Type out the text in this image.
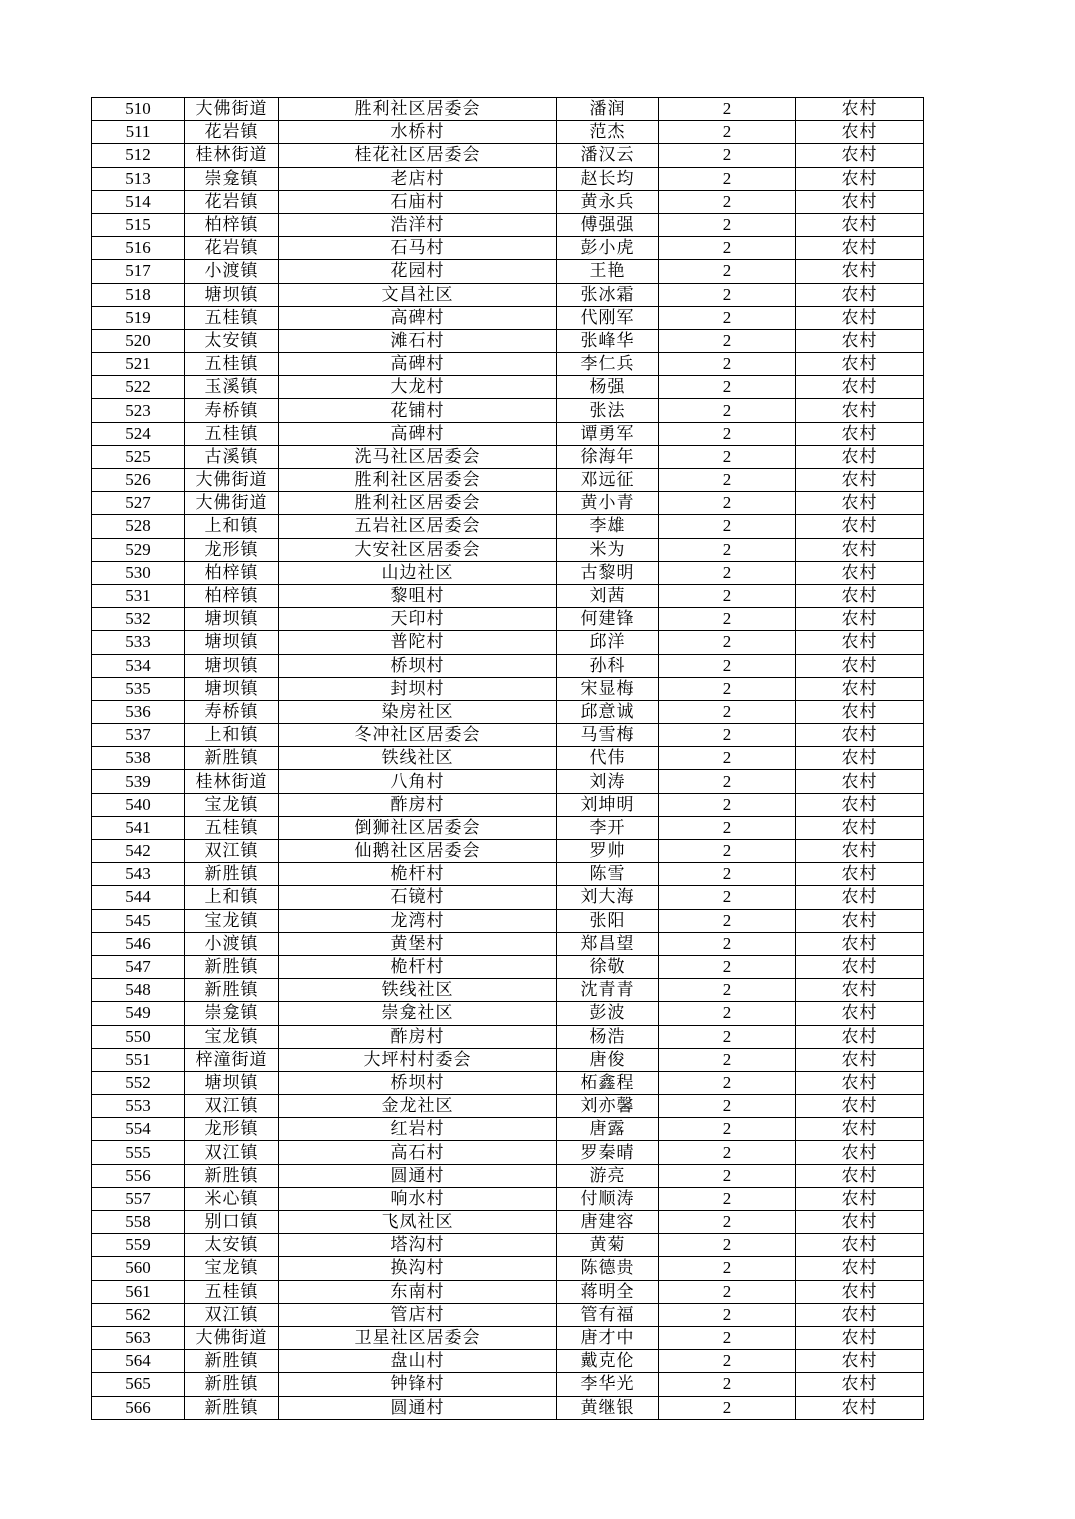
510	大佛街道	胜利社区居委会	潘润	2	农村
511	花岩镇	水桥村	范杰	2	农村
512	桂林街道	桂花社区居委会	潘汉云	2	农村
513	崇龛镇	老店村	赵长均	2	农村
514	花岩镇	石庙村	黄永兵	2	农村
515	柏梓镇	浩洋村	傅强强	2	农村
516	花岩镇	石马村	彭小虎	2	农村
517	小渡镇	花园村	王艳	2	农村
518	塘坝镇	文昌社区	张冰霜	2	农村
519	五桂镇	高碑村	代刚军	2	农村
520	太安镇	滩石村	张峰华	2	农村
521	五桂镇	高碑村	李仁兵	2	农村
522	玉溪镇	大龙村	杨强	2	农村
523	寿桥镇	花铺村	张法	2	农村
524	五桂镇	高碑村	谭勇军	2	农村
525	古溪镇	洗马社区居委会	徐海年	2	农村
526	大佛街道	胜利社区居委会	邓远征	2	农村
527	大佛街道	胜利社区居委会	黄小青	2	农村
528	上和镇	五岩社区居委会	李雄	2	农村
529	龙形镇	大安社区居委会	米为	2	农村
530	柏梓镇	山边社区	古黎明	2	农村
531	柏梓镇	黎咀村	刘茜	2	农村
532	塘坝镇	天印村	何建锋	2	农村
533	塘坝镇	普陀村	邱洋	2	农村
534	塘坝镇	桥坝村	孙科	2	农村
535	塘坝镇	封坝村	宋显梅	2	农村
536	寿桥镇	染房社区	邱意诚	2	农村
537	上和镇	冬冲社区居委会	马雪梅	2	农村
538	新胜镇	铁线社区	代伟	2	农村
539	桂林街道	八角村	刘涛	2	农村
540	宝龙镇	酢房村	刘坤明	2	农村
541	五桂镇	倒狮社区居委会	李开	2	农村
542	双江镇	仙鹅社区居委会	罗帅	2	农村
543	新胜镇	桅杆村	陈雪	2	农村
544	上和镇	石镜村	刘大海	2	农村
545	宝龙镇	龙湾村	张阳	2	农村
546	小渡镇	黄堡村	郑昌望	2	农村
547	新胜镇	桅杆村	徐敬	2	农村
548	新胜镇	铁线社区	沈青青	2	农村
549	崇龛镇	崇龛社区	彭波	2	农村
550	宝龙镇	酢房村	杨浩	2	农村
551	梓潼街道	大坪村村委会	唐俊	2	农村
552	塘坝镇	桥坝村	柘鑫程	2	农村
553	双江镇	金龙社区	刘亦馨	2	农村
554	龙形镇	红岩村	唐露	2	农村
555	双江镇	高石村	罗秦晴	2	农村
556	新胜镇	圆通村	游亮	2	农村
557	米心镇	响水村	付顺涛	2	农村
558	别口镇	飞凤社区	唐建容	2	农村
559	太安镇	塔沟村	黄菊	2	农村
560	宝龙镇	换沟村	陈德贵	2	农村
561	五桂镇	东南村	蒋明全	2	农村
562	双江镇	管店村	管有福	2	农村
563	大佛街道	卫星社区居委会	唐才中	2	农村
564	新胜镇	盘山村	戴克伦	2	农村
565	新胜镇	钟锋村	李华光	2	农村
566	新胜镇	圆通村	黄继银	2	农村
